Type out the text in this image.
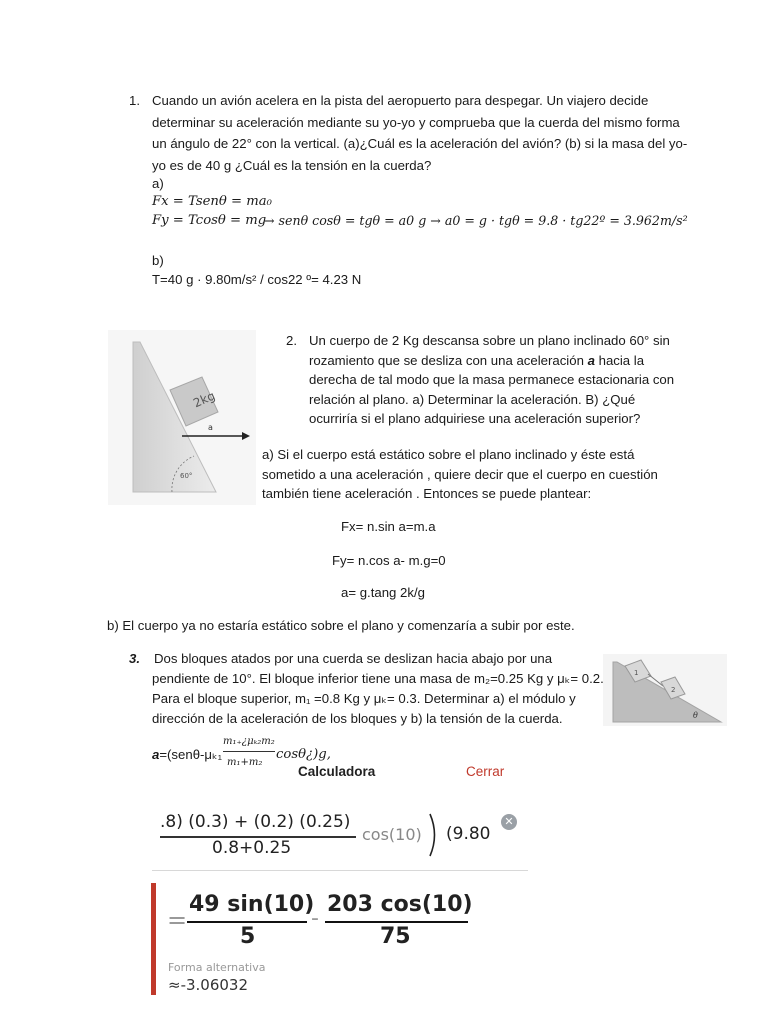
1. Cuando un avión acelera en la pista del aeropuerto para despegar. Un viajero decide
determinar su aceleración mediante su yo-yo y comprueba que la cuerda del mismo forma
un ángulo de 22° con la vertical. (a)¿Cuál es la aceleración del avión? (b) si la masa del yo-
yo es de 40 g ¿Cuál es la tensión en la cuerda?
a)
Fx = Tsenθ = ma₀
Fy = Tcosθ = mg
→ senθ cosθ = tgθ = a0 g → a0 = g · tgθ = 9.8 · tg22º = 3.962m/s²
b)
T=40 g · 9.80m/s² / cos22 º= 4.23 N
2kg
a
60°
2. Un cuerpo de 2 Kg descansa sobre un plano inclinado 60° sin
rozamiento que se desliza con una aceleración a hacia la
derecha de tal modo que la masa permanece estacionaria con
relación al plano. a) Determinar la aceleración. B) ¿Qué
ocurriría si el plano adquiriese una aceleración superior?
a) Si el cuerpo está estático sobre el plano inclinado y éste está
sometido a una aceleración , quiere decir que el cuerpo en cuestión
también tiene aceleración . Entonces se puede plantear:
Fx= n.sin a=m.a
Fy= n.cos a- m.g=0
a= g.tang 2k/g
b) El cuerpo ya no estaría estático sobre el plano y comenzaría a subir por este.
1
2
θ
3. Dos bloques atados por una cuerda se deslizan hacia abajo por una
pendiente de 10°. El bloque inferior tiene una masa de m₂=0.25 Kg y μₖ= 0.2.
Para el bloque superior, m₁ =0.8 Kg y μₖ= 0.3. Determinar a) el módulo y
dirección de la aceleración de los bloques y b) la tensión de la cuerda.
a=(senθ-μₖ₁
m₁₊¿μₖ₂m₂
m₁+m₂
cosθ¿)g,
Calculadora	Cerrar
.8) (0.3) + (0.2) (0.25)
0.8+0.25
cos(10) (9.80
✕
=
49 sin(10)
5
-
203 cos(10)
75
Forma alternativa
≈-3.06032
